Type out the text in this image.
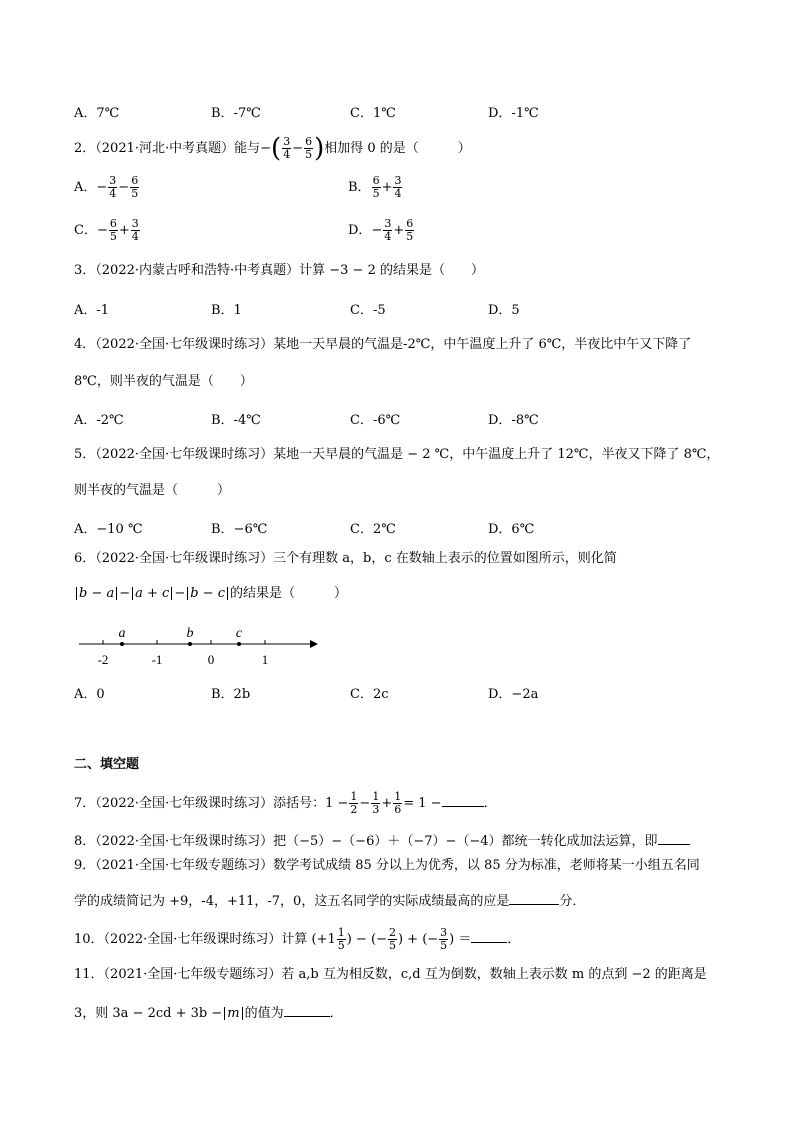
A．7℃	B．-7℃	C．1℃	D．-1℃
2．（2021·河北·中考真题）能与−( $\frac{3}{4} - \frac{6}{5}$ )相加得 0 的是（　　　）
A．− $\frac{3}{4} - \frac{6}{5}$	B． $\frac{6}{5} + \frac{3}{4}$
C．− $\frac{6}{5} + \frac{3}{4}$	D．− $\frac{3}{4} + \frac{6}{5}$
3．（2022·内蒙古呼和浩特·中考真题）计算 −3 − 2 的结果是（　　）
A．-1	B．1	C．-5	D．5
4．（2022·全国·七年级课时练习）某地一天早晨的气温是-2℃，中午温度上升了 6℃，半夜比中午又下降了
8℃，则半夜的气温是（　　）
A．-2℃	B．-4℃	C．-6℃	D．-8℃
5．（2022·全国·七年级课时练习）某地一天早晨的气温是 − 2 ℃，中午温度上升了 12℃，半夜又下降了 8℃，
则半夜的气温是（　　　）
A．−10 ℃	B．−6℃	C．2℃	D．6℃
6．（2022·全国·七年级课时练习）三个有理数 a，b，c 在数轴上表示的位置如图所示，则化简
b − a − a + c − b − c 的结果是（　　　）
-2	-1	0	1
a	b	c
A．0	B．2b	C．2c	D．−2a
二、填空题
7．（2022·全国·七年级课时练习）添括号：$1 - \frac{1}{2} - \frac{1}{3} + \frac{1}{6} = 1$ −	．
8．（2022·全国·七年级课时练习）把（−5）−（−6）＋（−7）−（−4）都统一转化成加法运算，即
9．（2021·全国·七年级专题练习）数学考试成绩 85 分以上为优秀，以 85 分为标准，老师将某一小组五名同
学的成绩简记为 +9，-4，+11，-7，0，这五名同学的实际成绩最高的应是	分．
10．（2022·全国·七年级课时练习）计算 ($+1 \frac{1}{5}$ ) − (− $\frac{2}{5}$ ) + (− $\frac{3}{5}$ ) ＝	．
11．（2021·全国·七年级专题练习）若 a,b 互为相反数，c,d 互为倒数，数轴上表示数 m 的点到 −2 的距离是
3，则 3a − 2cd + 3b − m 的值为	．
